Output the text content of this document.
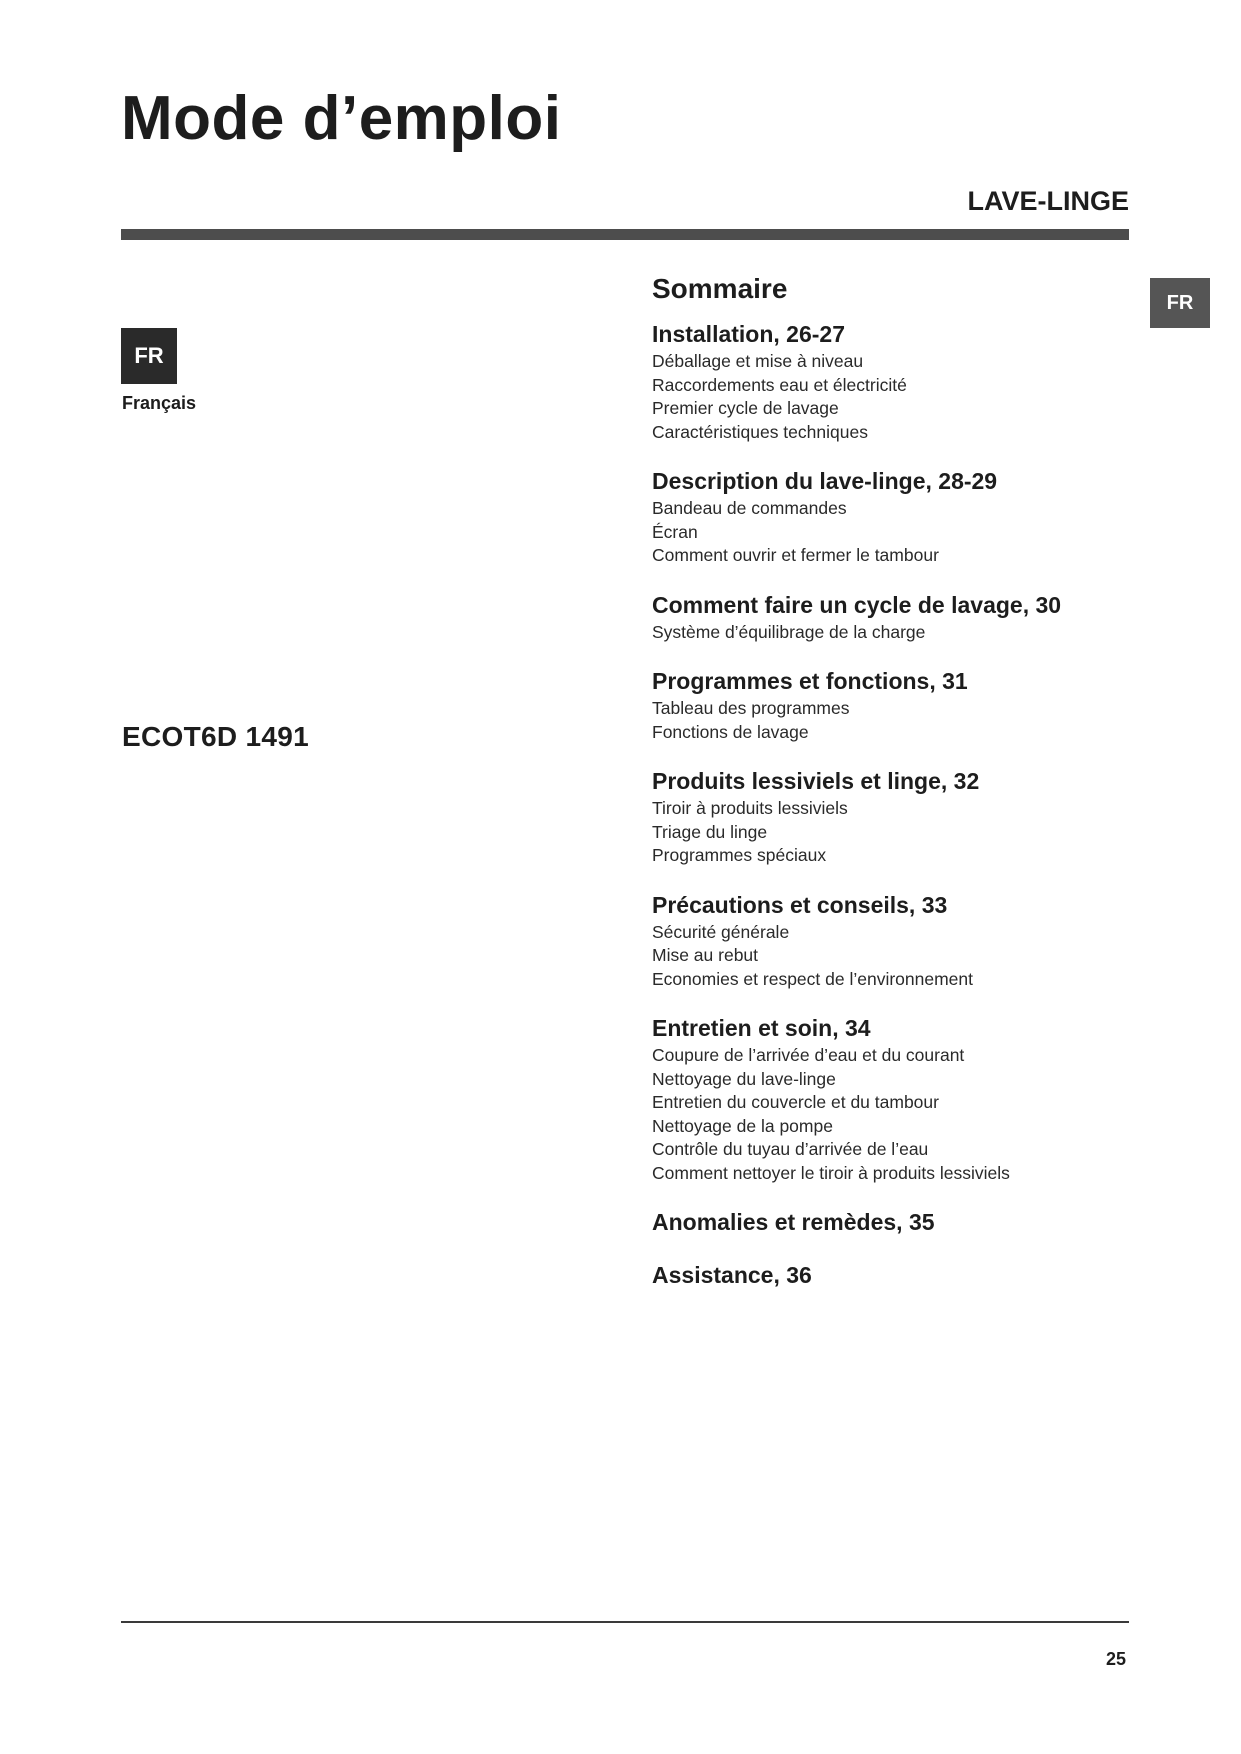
Mode d’emploi
LAVE-LINGE
FR
Français
ECOT6D 1491
FR
Sommaire
Installation, 26-27
Déballage et mise à niveau
Raccordements eau et électricité
Premier cycle de lavage
Caractéristiques techniques
Description du lave-linge, 28-29
Bandeau de commandes
Écran
Comment ouvrir et fermer le tambour
Comment faire un cycle de lavage, 30
Système d’équilibrage de la charge
Programmes et fonctions, 31
Tableau des programmes
Fonctions de lavage
Produits lessiviels et linge, 32
Tiroir à produits lessiviels
Triage du linge
Programmes spéciaux
Précautions et conseils, 33
Sécurité générale
Mise au rebut
Economies et respect de l’environnement
Entretien et soin, 34
Coupure de l’arrivée d’eau et du courant
Nettoyage du lave-linge
Entretien du couvercle et du tambour
Nettoyage de la pompe
Contrôle du tuyau d’arrivée de l’eau
Comment nettoyer le tiroir à produits lessiviels
Anomalies et remèdes, 35
Assistance, 36
25
